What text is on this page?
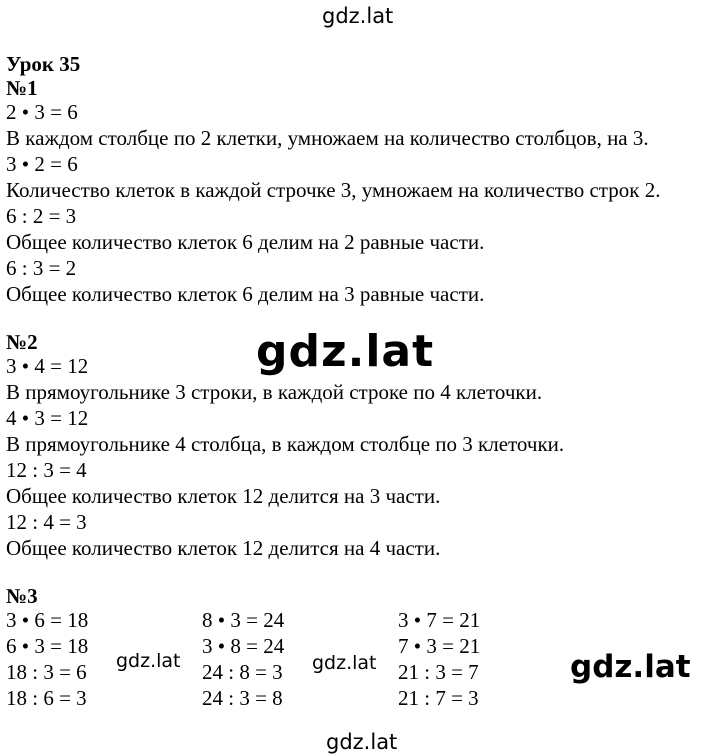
gdz.lat
gdz.lat
gdz.lat	gdz.lat	gdz.lat
gdz.lat
Урок 35
№1
2 • 3 = 6
В каждом столбце по 2 клетки, умножаем на количество столбцов, на 3.
3 • 2 = 6
Количество клеток в каждой строчке 3, умножаем на количество строк 2.
6 : 2 = 3
Общее количество клеток 6 делим на 2 равные части.
6 : 3 = 2
Общее количество клеток 6 делим на 3 равные части.
№2
3 • 4 = 12
В прямоугольнике 3 строки, в каждой строке по 4 клеточки.
4 • 3 = 12
В прямоугольнике 4 столбца, в каждом столбце по 3 клеточки.
12 : 3 = 4
Общее количество клеток 12 делится на 3 части.
12 : 4 = 3
Общее количество клеток 12 делится на 4 части.
№3
3 • 6 = 18
6 • 3 = 18
18 : 3 = 6
18 : 6 = 3
8 • 3 = 24
3 • 8 = 24
24 : 8 = 3
24 : 3 = 8
3 • 7 = 21
7 • 3 = 21
21 : 3 = 7
21 : 7 = 3
